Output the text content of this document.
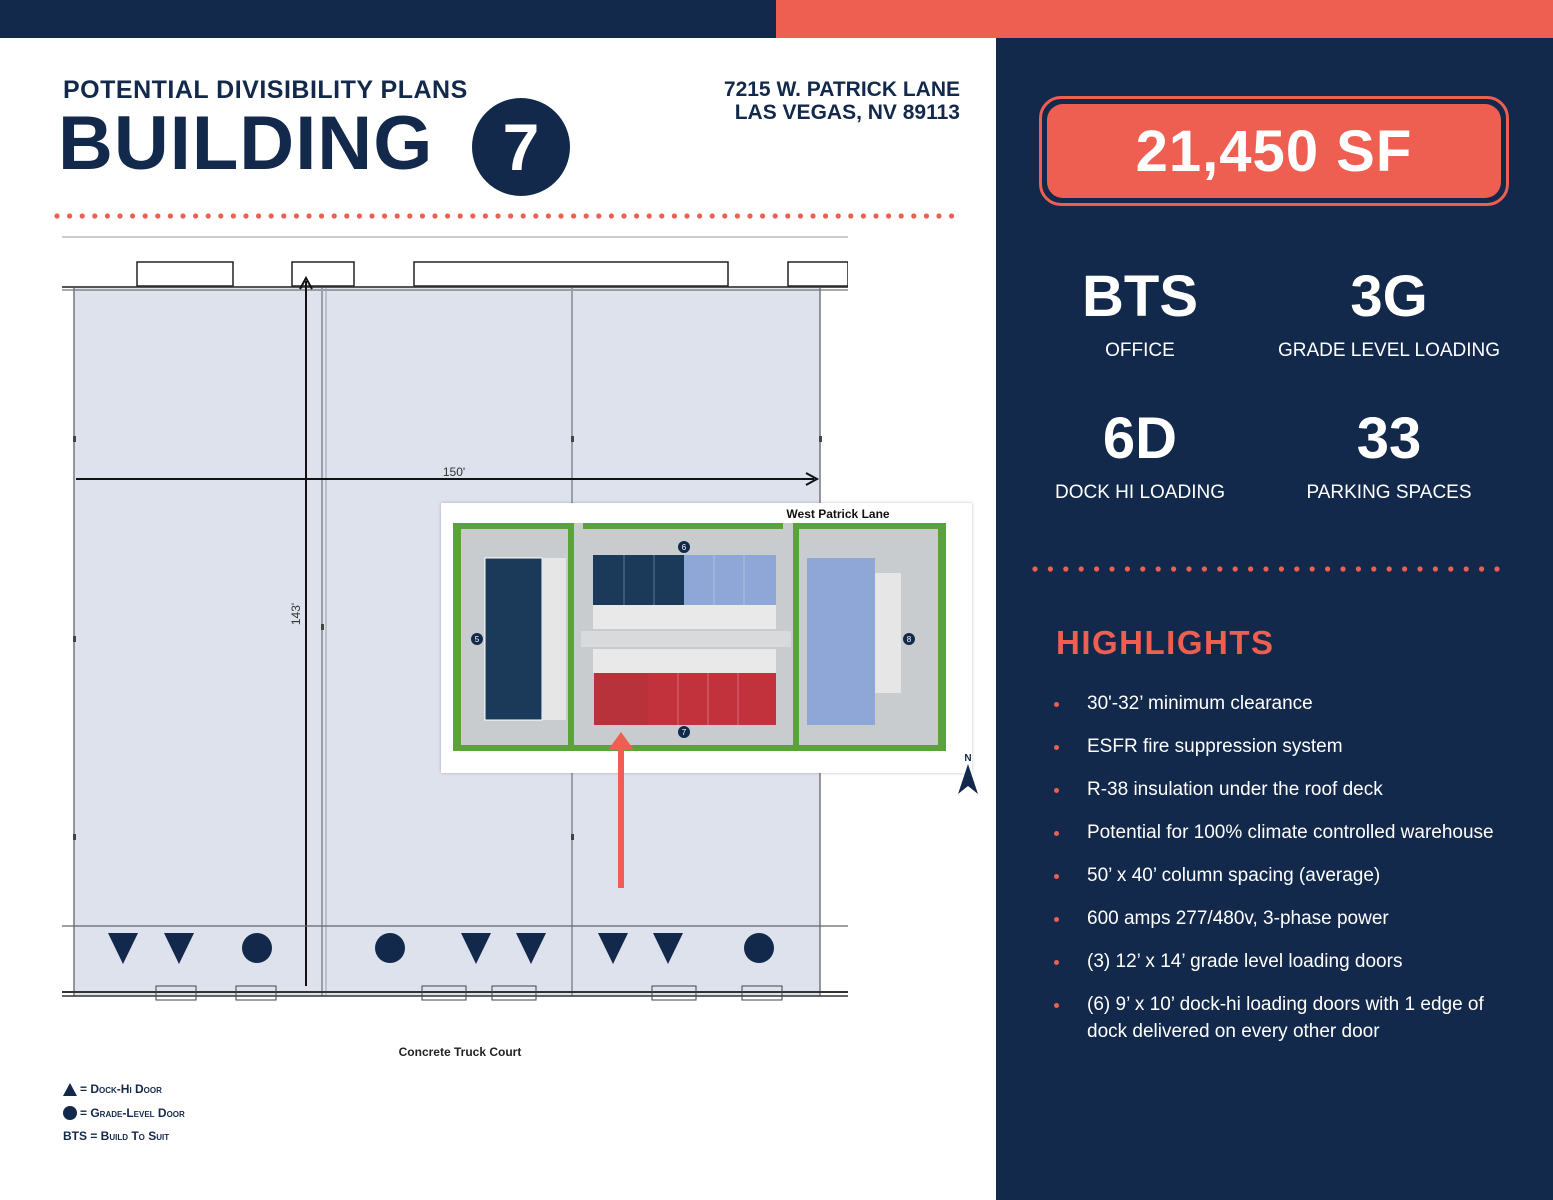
POTENTIAL DIVISIBILITY PLANS
BUILDING	7
7215 W. PATRICK LANE
LAS VEGAS, NV 89113
150'
143'
Concrete Truck Court
= Dock-Hi Door
= Grade-Level Door
BTS = Build To Suit
West Patrick Lane
5
6
7
8
N
21,450 SF
BTS
OFFICE
3G
GRADE LEVEL LOADING
6D
DOCK HI LOADING
33
PARKING SPACES
HIGHLIGHTS
30'-32’ minimum clearance
ESFR fire suppression system
R-38 insulation under the roof deck
Potential for 100% climate controlled warehouse
50’ x 40’ column spacing (average)
600 amps 277/480v, 3-phase power
(3) 12’ x 14’ grade level loading doors
(6) 9’ x 10’ dock-hi loading doors with 1 edge of dock delivered on every other door
